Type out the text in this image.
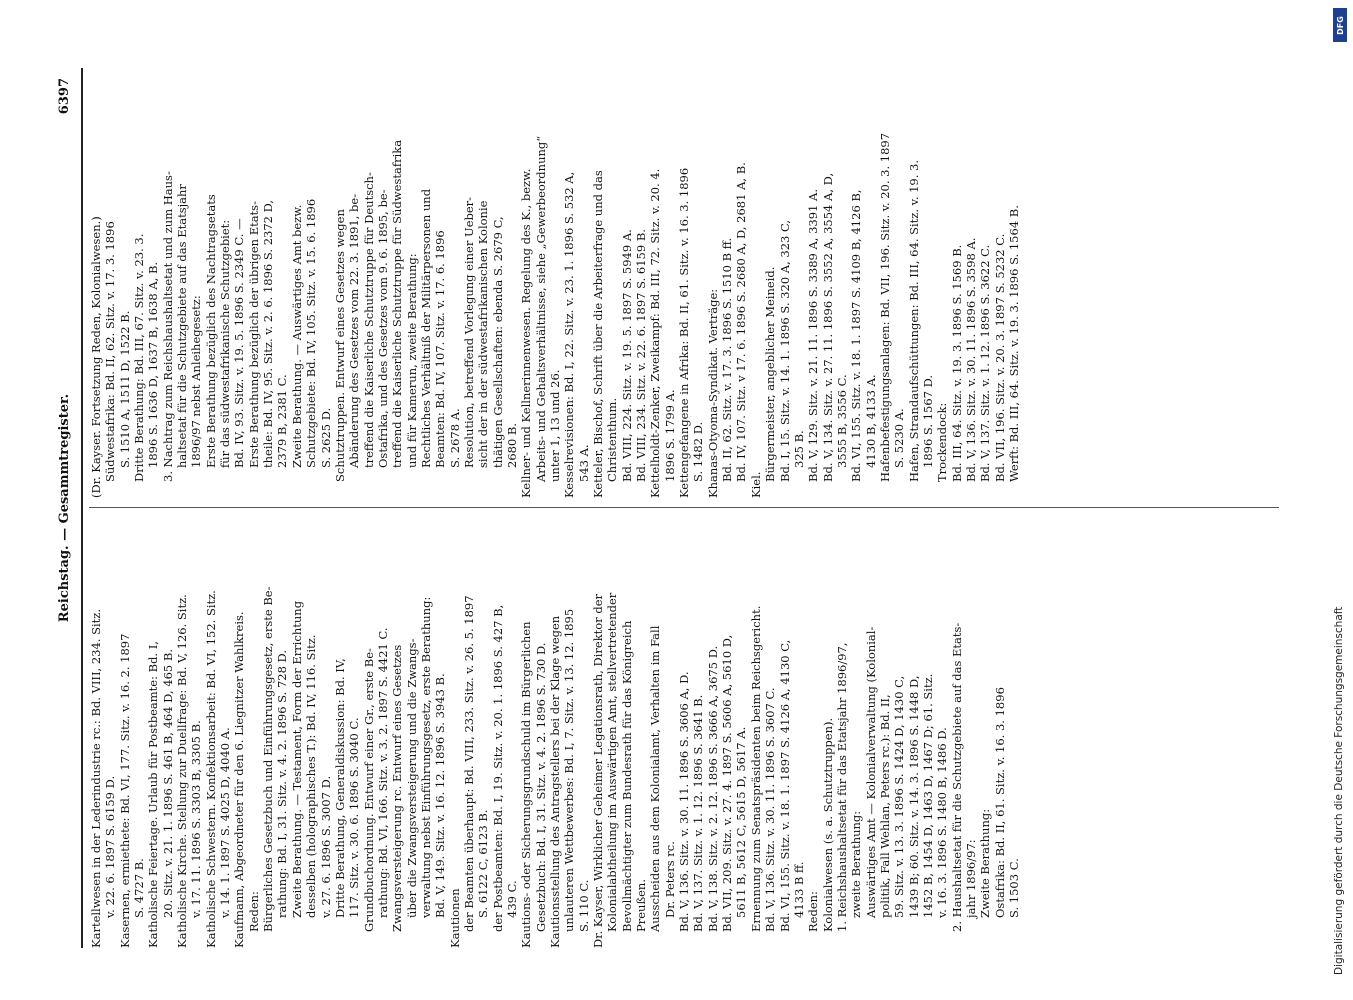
Reichstag. — Gesammtregister.
6397
Kartellwesen in der Lederindustrie rc.: Bd. VIII, 234. Sitz. v. 22. 6. 1897 S. 6159 D. Kasernen, ermiethete: Bd. VI, 177. Sitz. v. 16. 2. 1897 S. 4727 B. Katholische Feiertage. Urlaub für Postbeamte: Bd. I, 20. Sitz. v. 21. 1. 1896 S. 461 B, 464 D, 465 B. Katholische Kirche. Stellung zur Duellfrage: Bd. V, 126. Sitz. v. 17. 11. 1896 S. 3303 B, 3305 B. Katholische Schwestern. Konfektionsarbeit: Bd. VI, 152. Sitz. v. 14. 1. 1897 S. 4025 D, 4040 A. Kaufmann, Abgeordneter für den 6. Liegnitzer Wahlkreis. Reden: Bürgerliches Gesetzbuch und Einführungsgesetz, erste Be- rathung: Bd. I, 31. Sitz. v. 4. 2. 1896 S. 728 D. Zweite Berathung. — Testament, Form der Errichtung desselben (holographisches T.): Bd. IV, 116. Sitz. v. 27. 6. 1896 S. 3007 D. Dritte Berathung, Generaldiskussion: Bd. IV, 117. Sitz. v. 30. 6. 1896 S. 3040 C. Grundbuchordnung. Entwurf einer Gr., erste Be- rathung: Bd. VI, 166. Sitz. v. 3. 2. 1897 S. 4421 C. Zwangsversteigerung rc. Entwurf eines Gesetzes über die Zwangsversteigerung und die Zwangs- verwaltung nebst Einführungsgesetz, erste Berathung: Bd. V, 149. Sitz. v. 16. 12. 1896 S. 3943 B.
Kautionen der Beamten überhaupt: Bd. VIII, 233. Sitz. v. 26. 5. 1897 S. 6122 C, 6123 B. der Postbeamten: Bd. I, 19. Sitz. v. 20. 1. 1896 S. 427 B, 439 C. Kautions- oder Sicherungsgrundschuld im Bürgerlichen Gesetzbuch: Bd. I, 31. Sitz. v. 4. 2. 1896 S. 730 D. Kautionsstellung des Antragstellers bei der Klage wegen unlauteren Wettbewerbes: Bd. I, 7. Sitz. v. 13. 12. 1895 S. 110 C. Dr. Kayser, Wirklicher Geheimer Legationsrath, Direktor der Kolonialabtheilung im Auswärtigen Amt, stellvertretender Bevollmächtigter zum Bundesrath für das Königreich Preußen. Ausscheiden aus dem Kolonialamt, Verhalten im Fall Dr. Peters rc. Bd. V, 136. Sitz. v. 30. 11. 1896 S. 3606 A, D. Bd. V, 137. Sitz. v. 1. 12. 1896 S. 3641 B. Bd. V, 138. Sitz. v. 2. 12. 1896 S. 3666 A, 3675 D. Bd. VII, 209. Sitz. v. 27. 4. 1897 S. 5606 A, 5610 D, 5611 B, 5612 C, 5615 D, 5617 A. Ernennung zum Senatspräsidenten beim Reichsgericht. Bd. V, 136. Sitz. v. 30. 11. 1896 S. 3607 C. Bd. VI, 155. Sitz. v. 18. 1. 1897 S. 4126 A, 4130 C, 4133 B ff. Reden: Kolonialwesen (s. a. Schutztruppen). 1. Reichshaushaltsetat für das Etatsjahr 1896/97, zweite Berathung: Auswärtiges Amt — Kolonialverwaltung (Kolonial- politik, Fall Wehlan, Peters rc.): Bd. II, 59. Sitz. v. 13. 3. 1896 S. 1424 D, 1430 C, 1439 B; 60. Sitz. v. 14. 3. 1896 S. 1448 D, 1452 B, 1454 D, 1463 D, 1467 D; 61. Sitz. v. 16. 3. 1896 S. 1480 B, 1486 D. 2. Haushaltsetat für die Schutzgebiete auf das Etats- jahr 1896/97: Zweite Berathung: Ostafrika: Bd. II, 61. Sitz. v. 16. 3. 1896 S. 1503 C.
(Dr. Kayser. Fortsetzung Reden, Kolonialwesen.) Südwestafrika: Bd. II, 62. Sitz. v. 17. 3. 1896 S. 1510 A, 1511 D, 1522 B. Dritte Berathung: Bd. III, 67. Sitz. v. 23. 3. 1896 S. 1636 D, 1637 B, 1638 A, B. 3. Nachtrag zum Reichshaushaltsetat und zum Haus- haltsetat für die Schutzgebiete auf das Etatsjahr 1896/97 nebst Anleihegesetz: Erste Berathung bezüglich des Nachtragsetats für das südwestafrikanische Schutzgebiet: Bd. IV, 93. Sitz. v. 19. 5. 1896 S. 2349 C. — Erste Berathung bezüglich der übrigen Etats- theile: Bd. IV, 95. Sitz. v. 2. 6. 1896 S. 2372 D, 2379 B, 2381 C. Zweite Berathung. — Auswärtiges Amt bezw. Schutzgebiete: Bd. IV, 105. Sitz. v. 15. 6. 1896 S. 2625 D. Schutztruppen. Entwurf eines Gesetzes wegen Abänderung des Gesetzes vom 22. 3. 1891, be- treffend die Kaiserliche Schutztruppe für Deutsch- Ostafrika, und des Gesetzes vom 9. 6. 1895, be- treffend die Kaiserliche Schutztruppe für Südwestafrika und für Kamerun, zweite Berathung: Rechtliches Verhältniß der Militärpersonen und Beamten: Bd. IV, 107. Sitz. v. 17. 6. 1896 S. 2678 A. Resolution, betreffend Vorlegung einer Ueber- sicht der in der südwestafrikanischen Kolonie thätigen Gesellschaften: ebenda S. 2679 C, 2680 B. Kellner- und Kellnerinnenwesen. Regelung des K., bezw. Arbeits- und Gehaltsverhältnisse, siehe „Gewerbeordnung“ unter 1, 13 und 26. Kesselrevisionen: Bd. I, 22. Sitz. v. 23. 1. 1896 S. 532 A, 543 A. Ketteler, Bischof, Schrift über die Arbeiterfrage und das Christenthum. Bd. VIII, 224. Sitz. v. 19. 5. 1897 S. 5949 A. Bd. VIII, 234. Sitz. v. 22. 6. 1897 S. 6159 B. Kettelholdt-Zenker, Zweikampf: Bd. III, 72. Sitz. v. 20. 4. 1896 S. 1799 A. Kettengefangene in Afrika: Bd. II, 61. Sitz. v. 16. 3. 1896 S. 1482 D. Khanas-Otyoma-Syndikat. Verträge: Bd. II, 62. Sitz. v. 17. 3. 1896 S. 1510 B ff. Bd. IV, 107. Sitz. v 17. 6. 1896 S. 2680 A, D, 2681 A, B.
Kiel.
Bürgermeister, angeblicher Meineid. Bd. I, 15. Sitz. v. 14. 1. 1896 S. 320 A, 323 C, 325 B. Bd. V, 129. Sitz. v. 21. 11. 1896 S. 3389 A, 3391 A. Bd. V, 134. Sitz. v. 27. 11. 1896 S. 3552 A, 3554 A, D, 3555 B, 3556 C. Bd. VI, 155. Sitz. v. 18. 1. 1897 S. 4109 B, 4126 B, 4130 B, 4133 A. Hafenbefestigungsanlagen: Bd. VII, 196. Sitz. v. 20. 3. 1897 S. 5230 A. Hafen, Strandaufschüttungen: Bd. III, 64. Sitz. v. 19. 3. 1896 S. 1567 D. Trockendock: Bd. III, 64. Sitz. v. 19. 3. 1896 S. 1569 B. Bd. V, 136. Sitz. v. 30. 11. 1896 S. 3598 A. Bd. V, 137. Sitz. v. 1. 12. 1896 S. 3622 C. Bd. VII, 196. Sitz. v. 20. 3. 1897 S. 5232 C. Werft: Bd. III, 64. Sitz. v. 19. 3. 1896 S. 1564 B.
Digitalisierung gefördert durch die Deutsche Forschungsgemeinschaft
DFG
